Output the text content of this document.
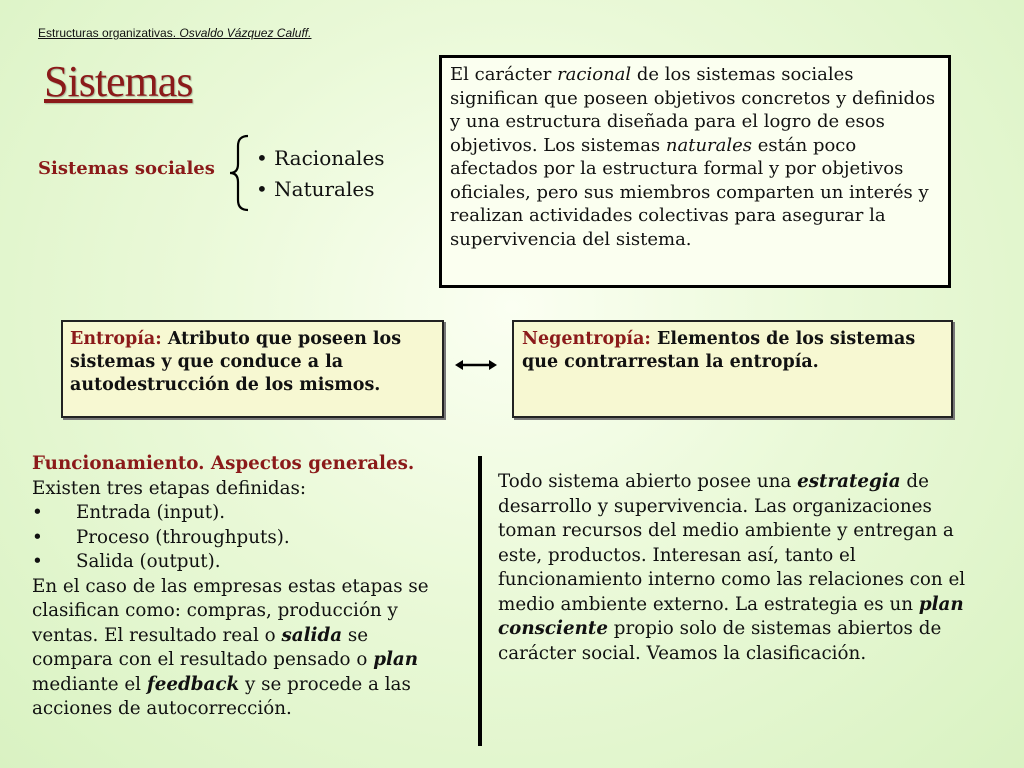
Estructuras organizativas. Osvaldo Vázquez Caluff.
Sistemas
Sistemas sociales
•	Racionales
• Naturales
El carácter racional de los sistemas sociales significan que poseen objetivos concretos y definidos y una estructura diseñada para el logro de esos objetivos. Los sistemas naturales están poco afectados por la estructura formal y por objetivos oficiales, pero sus miembros comparten un interés y realizan actividades colectivas para asegurar la supervivencia del sistema.
Entropía: Atributo que poseen los sistemas y que conduce a la autodestrucción de los mismos.
Negentropía: Elementos de los sistemas que contrarrestan la entropía.
Funcionamiento. Aspectos generales.
Existen tres etapas definidas:
•	Entrada (input).
•	Proceso (throughputs).
•	Salida (output).
En el caso de las empresas estas etapas se clasifican como: compras, producción y ventas. El resultado real o salida se compara con el resultado pensado o plan mediante el feedback y se procede a las acciones de autocorrección.
Todo sistema abierto posee una estrategia de desarrollo y supervivencia. Las organizaciones toman recursos del medio ambiente y entregan a este, productos. Interesan así, tanto el funcionamiento interno como las relaciones con el medio ambiente externo. La estrategia es un plan consciente propio solo de sistemas abiertos de carácter social. Veamos la clasificación.
